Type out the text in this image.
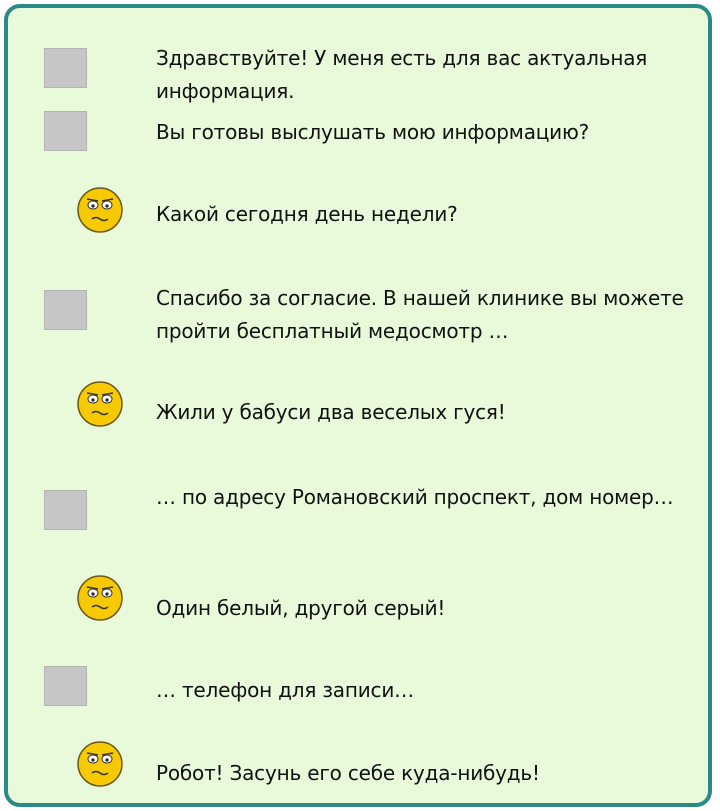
Здравствуйте! У меня есть для вас актуальная информация.
Вы готовы выслушать мою информацию?
Какой сегодня день недели?
Спасибо за согласие. В нашей клинике вы можете пройти бесплатный медосмотр …
Жили у бабуси два веселых гуся!
… по адресу Романовский проспект, дом номер…
Один белый, другой серый!
… телефон для записи…
Робот! Засунь его себе куда-нибудь!
